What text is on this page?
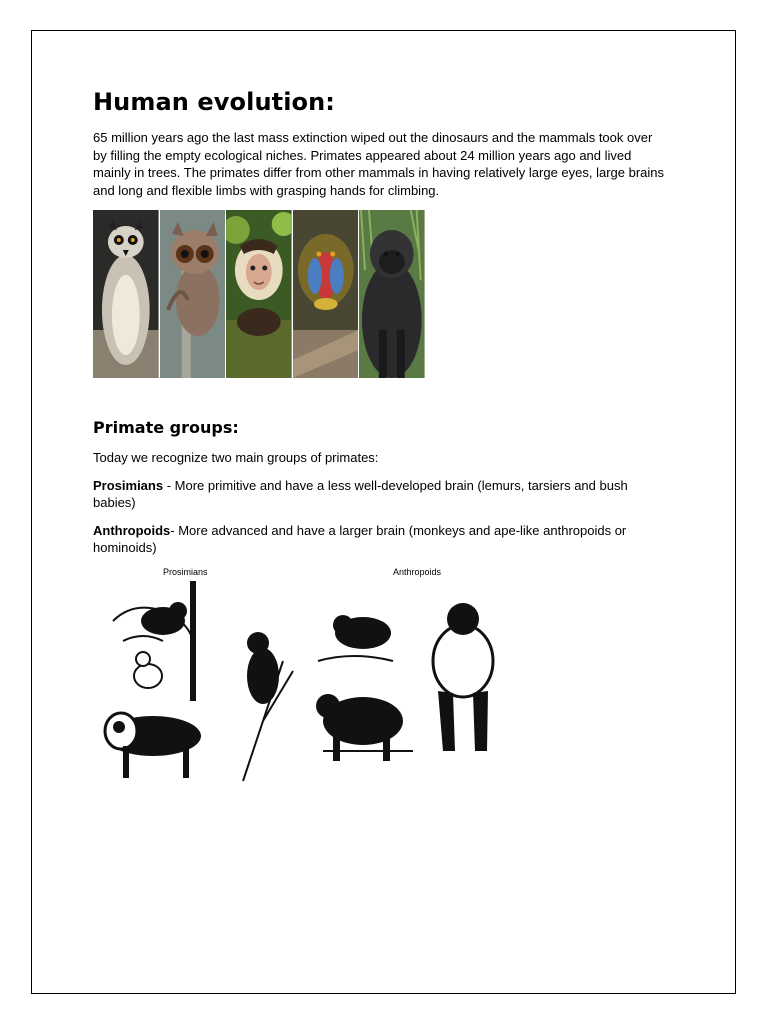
Human evolution:

65 million years ago the last mass extinction wiped out the dinosaurs and the mammals took over by filling the empty ecological niches. Primates appeared about 24 million years ago and lived mainly in trees. The primates differ from other mammals in having relatively large eyes, large brains and long and flexible limbs with grasping hands for climbing.

Primate groups:

Today we recognize two main groups of primates:

Prosimians - More primitive and have a less well-developed brain (lemurs, tarsiers and bush babies)

Anthropoids- More advanced and have a larger brain (monkeys and ape-like anthropoids or hominoids)

Prosimians	Anthropoids
